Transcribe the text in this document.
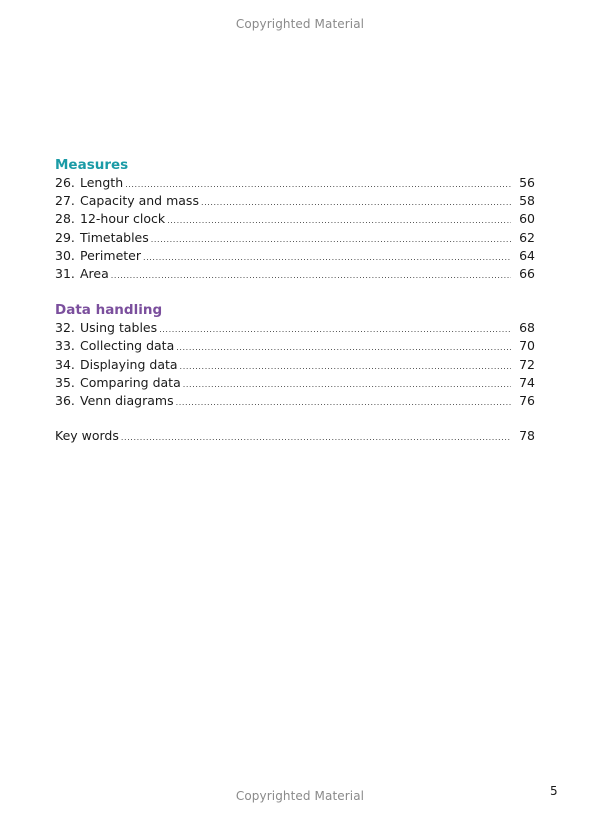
Copyrighted Material
Measures
26. Length .....	56
27. Capacity and mass .....	58
28. 12-hour clock .....	60
29. Timetables .....	62
30. Perimeter .....	64
31. Area .....	66
Data handling
32. Using tables .....	68
33. Collecting data .....	70
34. Displaying data .....	72
35. Comparing data .....	74
36. Venn diagrams .....	76
Key words .....	78
5
Copyrighted Material
